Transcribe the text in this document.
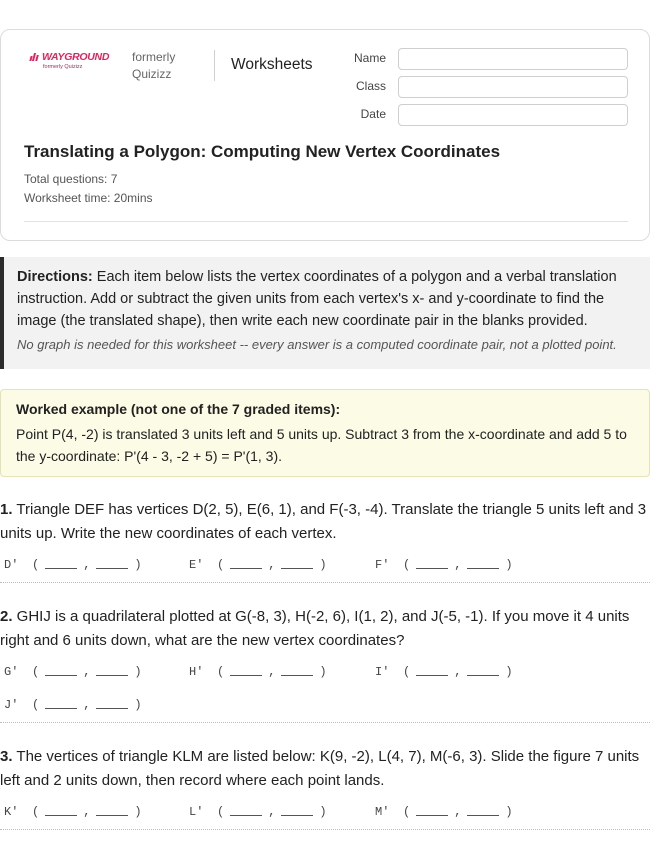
WAYGROUND
formerly Quizizz
formerly
Quizizz
Worksheets	Name
Class
Date
Translating a Polygon: Computing New Vertex Coordinates
Total questions: 7
Worksheet time: 20mins
Directions: Each item below lists the vertex coordinates of a polygon and a verbal translation instruction. Add or subtract the given units from each vertex's x- and y-coordinate to find the image (the translated shape), then write each new coordinate pair in the blanks provided.
No graph is needed for this worksheet -- every answer is a computed coordinate pair, not a plotted point.
Worked example (not one of the 7 graded items):
Point P(4, -2) is translated 3 units left and 5 units up. Subtract 3 from the x-coordinate and add 5 to the y-coordinate: P'(4 - 3, -2 + 5) = P'(1, 3).
1. Triangle DEF has vertices D(2, 5), E(6, 1), and F(-3, -4). Translate the triangle 5 units left and 3 units up. Write the new coordinates of each vertex.
D'	(	,	)	E'	(	,	)	F'	(	,	)
2. GHIJ is a quadrilateral plotted at G(-8, 3), H(-2, 6), I(1, 2), and J(-5, -1). If you move it 4 units right and 6 units down, what are the new vertex coordinates?
G'	(	,	)	H'	(	,	)	I'	(	,	)
J'	(	,	)
3. The vertices of triangle KLM are listed below: K(9, -2), L(4, 7), M(-6, 3). Slide the figure 7 units left and 2 units down, then record where each point lands.
K'	(	,	)	L'	(	,	)	M'	(	,	)
